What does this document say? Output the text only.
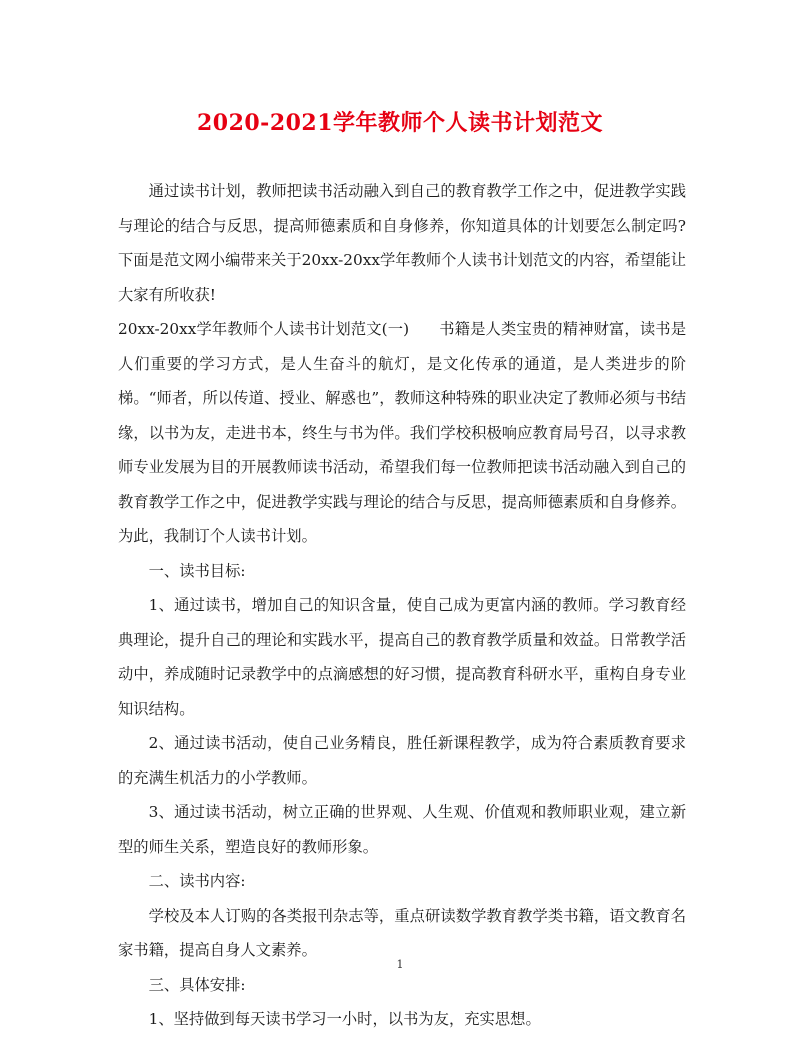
2020-2021学年教师个人读书计划范文

通过读书计划，教师把读书活动融入到自己的教育教学工作之中，促进教学实践与理论的结合与反思，提高师德素质和自身修养，你知道具体的计划要怎么制定吗?下面是范文网小编带来关于20xx-20xx学年教师个人读书计划范文的内容，希望能让大家有所收获!

20xx-20xx学年教师个人读书计划范文(一) 书籍是人类宝贵的精神财富，读书是人们重要的学习方式，是人生奋斗的航灯，是文化传承的通道，是人类进步的阶梯。“师者，所以传道、授业、解惑也”，教师这种特殊的职业决定了教师必须与书结缘，以书为友，走进书本，终生与书为伴。我们学校积极响应教育局号召，以寻求教师专业发展为目的开展教师读书活动，希望我们每一位教师把读书活动融入到自己的教育教学工作之中，促进教学实践与理论的结合与反思，提高师德素质和自身修养。为此，我制订个人读书计划。

一、读书目标:

1、通过读书，增加自己的知识含量，使自己成为更富内涵的教师。学习教育经典理论，提升自己的理论和实践水平，提高自己的教育教学质量和效益。日常教学活动中，养成随时记录教学中的点滴感想的好习惯，提高教育科研水平，重构自身专业知识结构。

2、通过读书活动，使自己业务精良，胜任新课程教学，成为符合素质教育要求的充满生机活力的小学教师。

3、通过读书活动，树立正确的世界观、人生观、价值观和教师职业观，建立新型的师生关系，塑造良好的教师形象。

二、读书内容:

学校及本人订购的各类报刊杂志等，重点研读数学教育教学类书籍，语文教育名家书籍，提高自身人文素养。

三、具体安排:

1、坚持做到每天读书学习一小时，以书为友，充实思想。

1
